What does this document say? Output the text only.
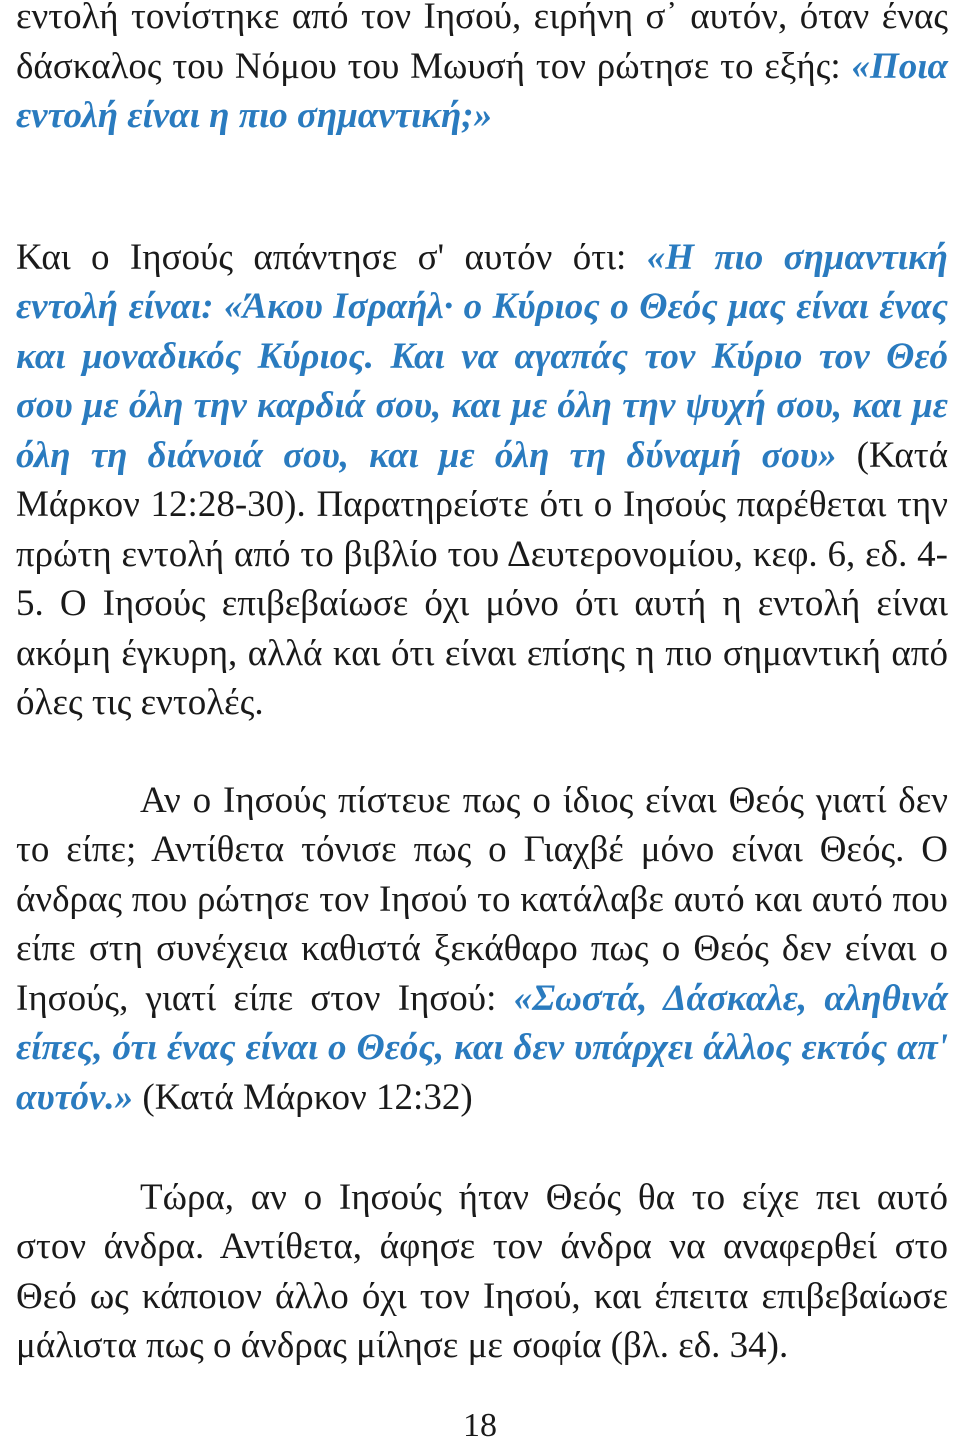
εντολή τονίστηκε από τον Ιησού, ειρήνη σ᾽ αυτόν, όταν ένας δάσκαλος του Νόμου του Μωυσή τον ρώτησε το εξής: «Ποια εντολή είναι η πιο σημαντική;»

Και ο Ιησούς απάντησε σ' αυτόν ότι: «Η πιο σημαντική εντολή είναι: «Άκου Ισραήλ· ο Κύριος ο Θεός μας είναι ένας και μοναδικός Κύριος. Και να αγαπάς τον Κύριο τον Θεό σου με όλη την καρδιά σου, και με όλη την ψυχή σου, και με όλη τη διάνοιά σου, και με όλη τη δύναμή σου» (Κατά Μάρκον 12:28-30). Παρατηρείστε ότι ο Ιησούς παρέθεται την πρώτη εντολή από το βιβλίο του Δευτερονομίου, κεφ. 6, εδ. 4-5. Ο Ιησούς επιβεβαίωσε όχι μόνο ότι αυτή η εντολή είναι ακόμη έγκυρη, αλλά και ότι είναι επίσης η πιο σημαντική από όλες τις εντολές.

Αν ο Ιησούς πίστευε πως ο ίδιος είναι Θεός γιατί δεν το είπε; Αντίθετα τόνισε πως ο Γιαχβέ μόνο είναι Θεός. Ο άνδρας που ρώτησε τον Ιησού το κατάλαβε αυτό και αυτό που είπε στη συνέχεια καθιστά ξεκάθαρο πως ο Θεός δεν είναι ο Ιησούς, γιατί είπε στον Ιησού: «Σωστά, Δάσκαλε, αληθινά είπες, ότι ένας είναι ο Θεός, και δεν υπάρχει άλλος εκτός απ' αυτόν.» (Κατά Μάρκον 12:32)

Τώρα, αν ο Ιησούς ήταν Θεός θα το είχε πει αυτό στον άνδρα. Αντίθετα, άφησε τον άνδρα να αναφερθεί στο Θεό ως κάποιον άλλο όχι τον Ιησού, και έπειτα επιβεβαίωσε μάλιστα πως ο άνδρας μίλησε με σοφία (βλ. εδ. 34).

18
